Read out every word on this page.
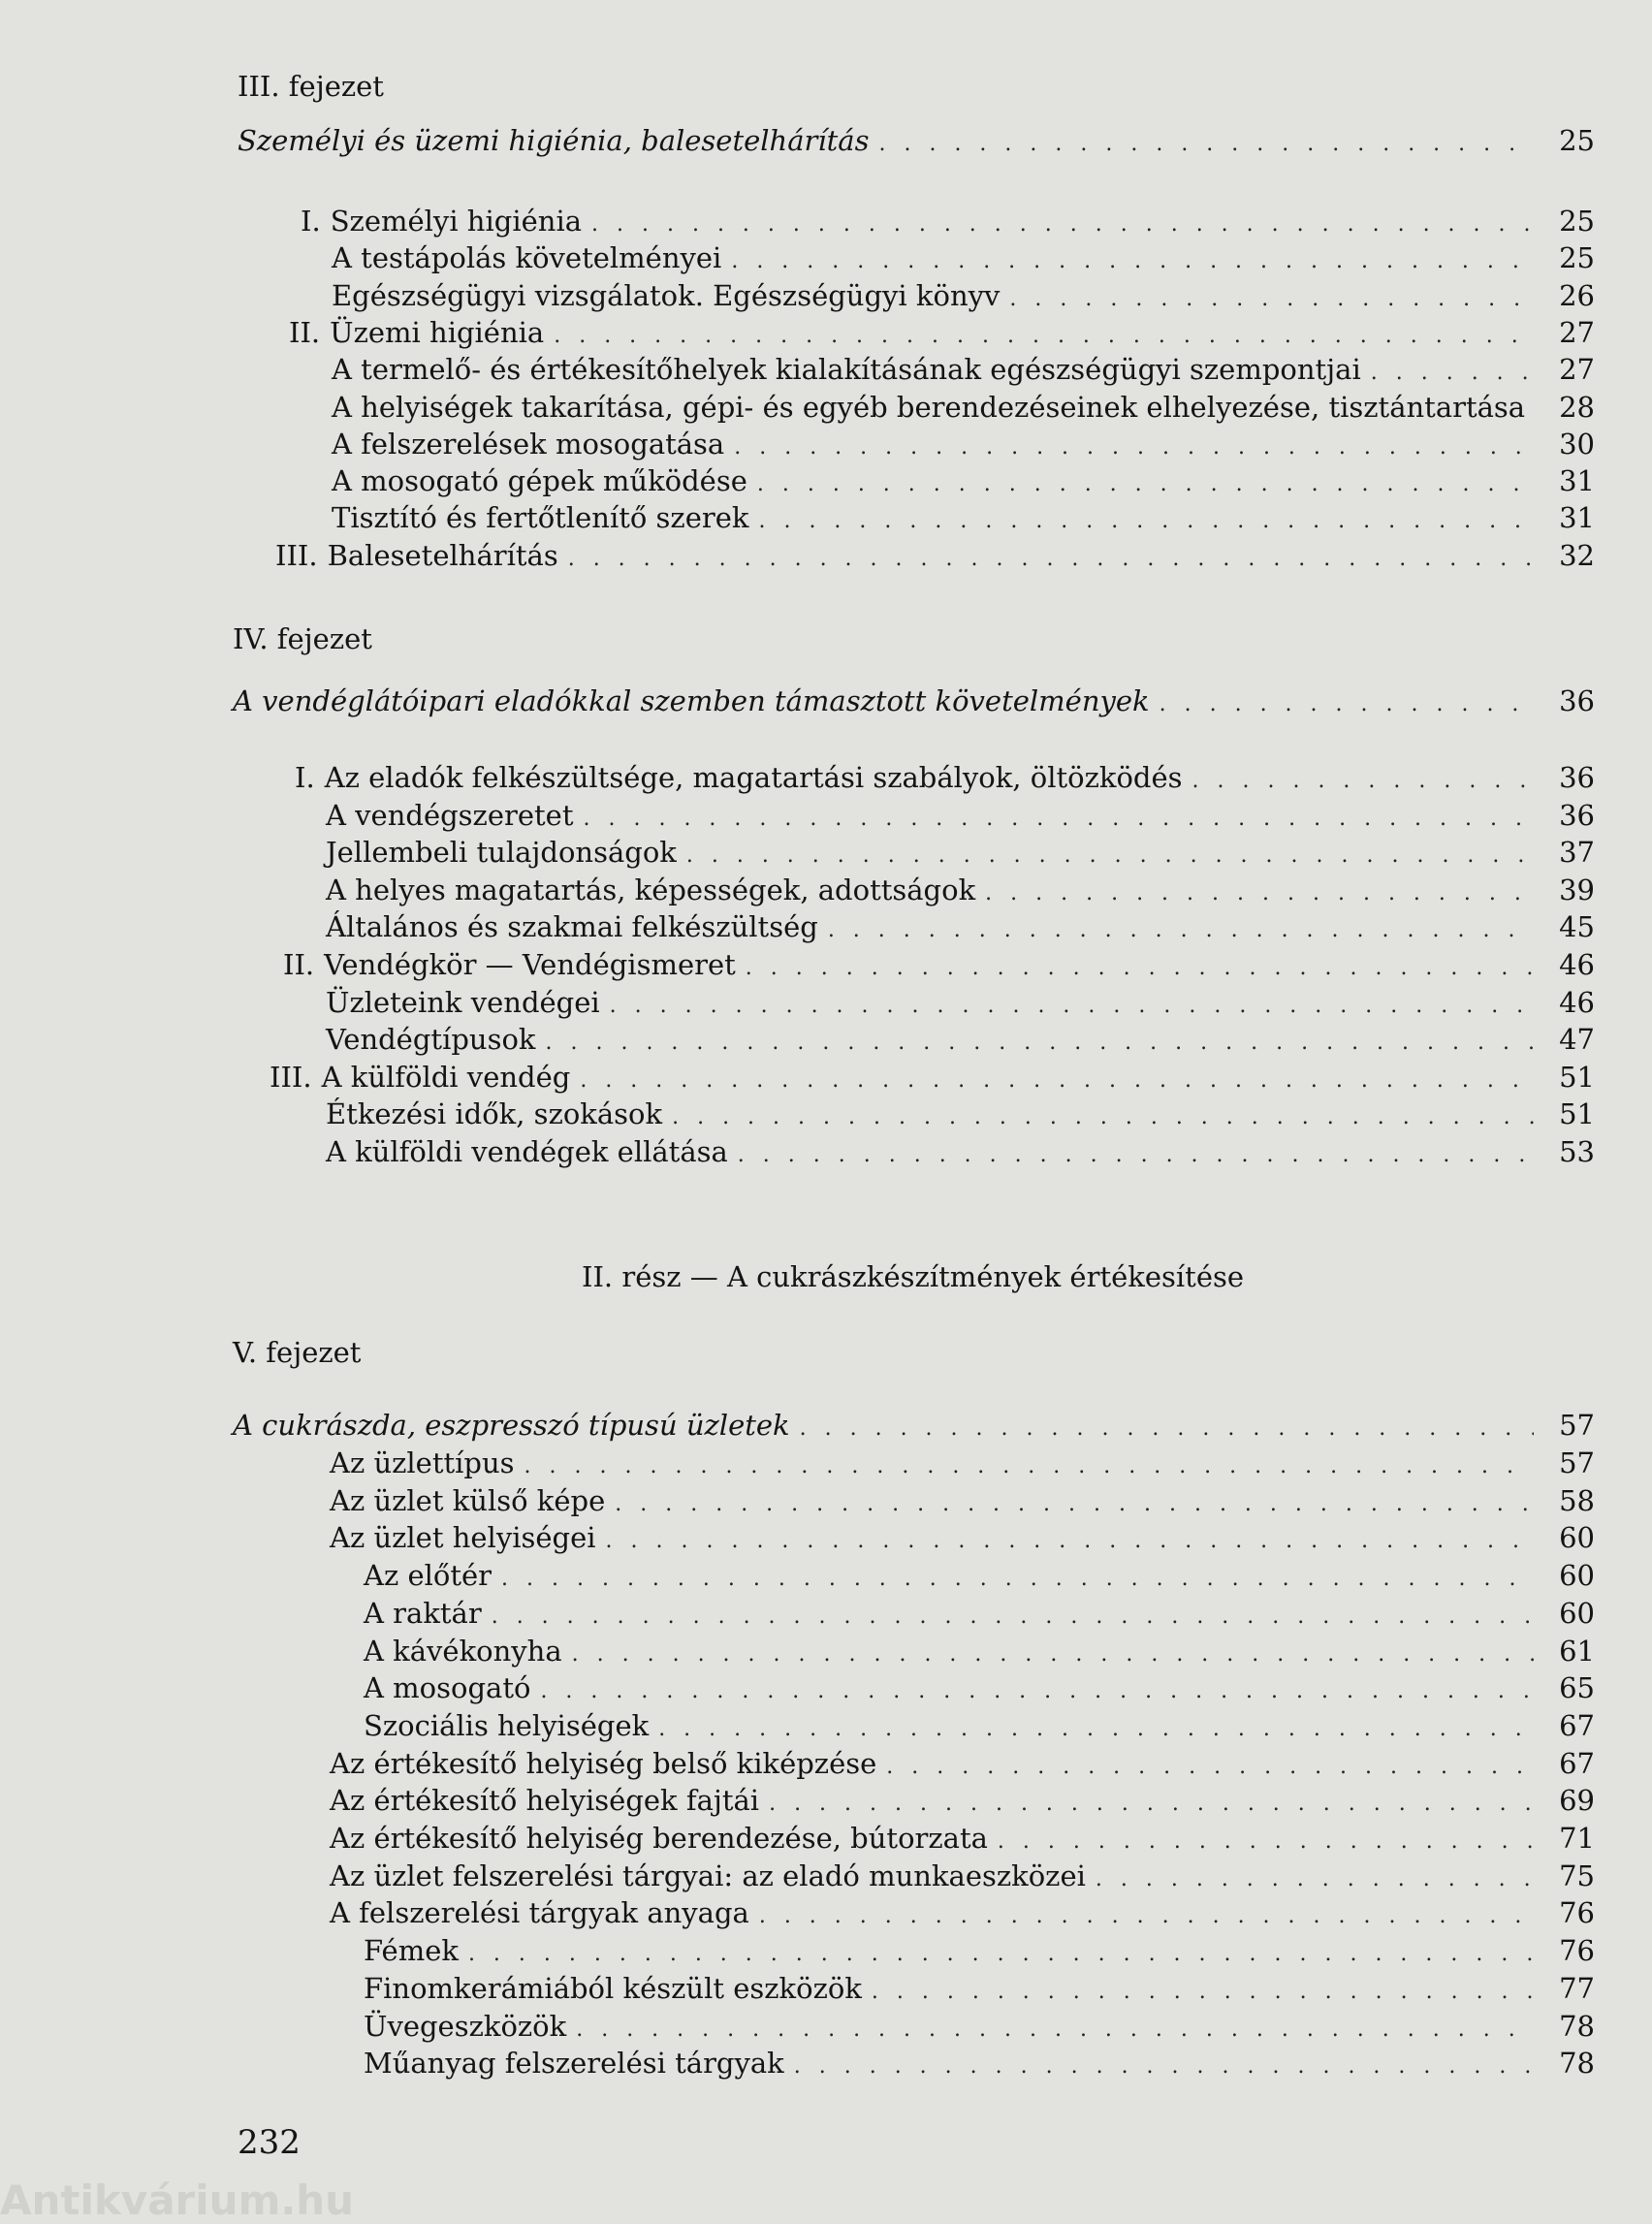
III. fejezet
Személyi és üzemi higiénia, balesetelhárítás . . .	25
I. Személyi higiénia . . .	25
A testápolás követelményei . . .	25
Egészségügyi vizsgálatok. Egészségügyi könyv . . .	26
II. Üzemi higiénia . . .	27
A termelő- és értékesítőhelyek kialakításának egészségügyi szempontjai . . .	27
A helyiségek takarítása, gépi- és egyéb berendezéseinek elhelyezése, tisztántartása	28
A felszerelések mosogatása . . .	30
A mosogató gépek működése . . .	31
Tisztító és fertőtlenítő szerek . . .	31
III. Balesetelhárítás . . .	32
IV. fejezet
A vendéglátóipari eladókkal szemben támasztott követelmények . . .	36
I. Az eladók felkészültsége, magatartási szabályok, öltözködés . . .	36
A vendégszeretet . . .	36
Jellembeli tulajdonságok . . .	37
A helyes magatartás, képességek, adottságok . . .	39
Általános és szakmai felkészültség . . .	45
II. Vendégkör — Vendégismeret . . .	46
Üzleteink vendégei . . .	46
Vendégtípusok . . .	47
III. A külföldi vendég . . .	51
Étkezési idők, szokások . . .	51
A külföldi vendégek ellátása . . .	53
II. rész — A cukrászkészítmények értékesítése
V. fejezet
A cukrászda, eszpresszó típusú üzletek . . .	57
Az üzlettípus . . .	57
Az üzlet külső képe . . .	58
Az üzlet helyiségei . . .	60
Az előtér . . .	60
A raktár . . .	60
A kávékonyha . . .	61
A mosogató . . .	65
Szociális helyiségek . . .	67
Az értékesítő helyiség belső kiképzése . . .	67
Az értékesítő helyiségek fajtái . . .	69
Az értékesítő helyiség berendezése, bútorzata . . .	71
Az üzlet felszerelési tárgyai: az eladó munkaeszközei . . .	75
A felszerelési tárgyak anyaga . . .	76
Fémek . . .	76
Finomkerámiából készült eszközök . . .	77
Üvegeszközök . . .	78
Műanyag felszerelési tárgyak . . .	78
232
Antikvárium.hu
